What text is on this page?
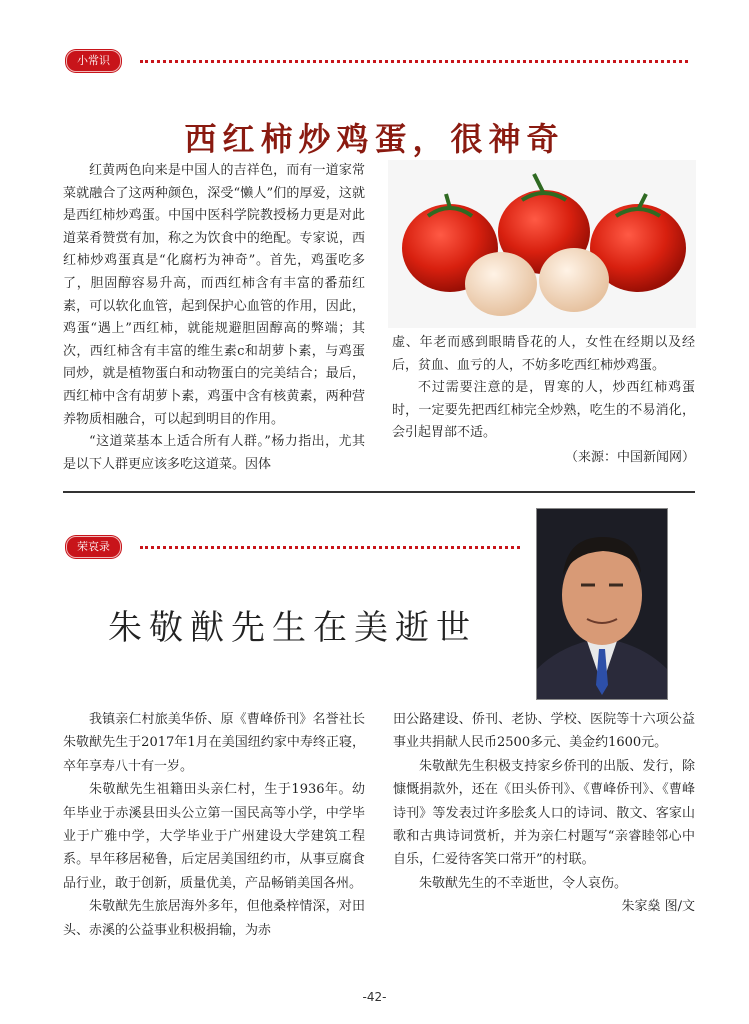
小常识
西红柿炒鸡蛋，很神奇

红黄两色向来是中国人的吉祥色，而有一道家常菜就融合了这两种颜色，深受“懒人”们的厚爱，这就是西红柿炒鸡蛋。中国中医科学院教授杨力更是对此道菜肴赞赏有加，称之为饮食中的绝配。专家说，西红柿炒鸡蛋真是“化腐朽为神奇”。首先，鸡蛋吃多了，胆固醇容易升高，而西红柿含有丰富的番茄红素，可以软化血管，起到保护心血管的作用，因此，鸡蛋“遇上”西红柿，就能规避胆固醇高的弊端；其次，西红柿含有丰富的维生素c和胡萝卜素，与鸡蛋同炒，就是植物蛋白和动物蛋白的完美结合；最后，西红柿中含有胡萝卜素，鸡蛋中含有核黄素，两种营养物质相融合，可以起到明目的作用。

“这道菜基本上适合所有人群。”杨力指出，尤其是以下人群更应该多吃这道菜。因体

虚、年老而感到眼睛昏花的人，女性在经期以及经后，贫血、血亏的人，不妨多吃西红柿炒鸡蛋。

不过需要注意的是，胃寒的人，炒西红柿鸡蛋时，一定要先把西红柿完全炒熟，吃生的不易消化，会引起胃部不适。

（来源：中国新闻网）

荣哀录
朱敬猷先生在美逝世

我镇亲仁村旅美华侨、原《曹峰侨刊》名誉社长朱敬猷先生于2017年1月在美国纽约家中寿终正寝，卒年享寿八十有一岁。

朱敬猷先生祖籍田头亲仁村，生于1936年。幼年毕业于赤溪县田头公立第一国民高等小学，中学毕业于广雅中学，大学毕业于广州建设大学建筑工程系。早年移居秘鲁，后定居美国纽约市，从事豆腐食品行业，敢于创新，质量优美，产品畅销美国各州。

朱敬猷先生旅居海外多年，但他桑梓情深，对田头、赤溪的公益事业积极捐输，为赤

田公路建设、侨刊、老协、学校、医院等十六项公益事业共捐献人民币2500多元、美金约1600元。

朱敬猷先生积极支持家乡侨刊的出版、发行，除慷慨捐款外，还在《田头侨刊》、《曹峰侨刊》、《曹峰诗刊》等发表过许多脍炙人口的诗词、散文、客家山歌和古典诗词赏析，并为亲仁村题写“亲睿睦邻心中自乐，仁爱待客笑口常开”的村联。

朱敬猷先生的不幸逝世，令人哀伤。

朱家燊 图/文

-42-
